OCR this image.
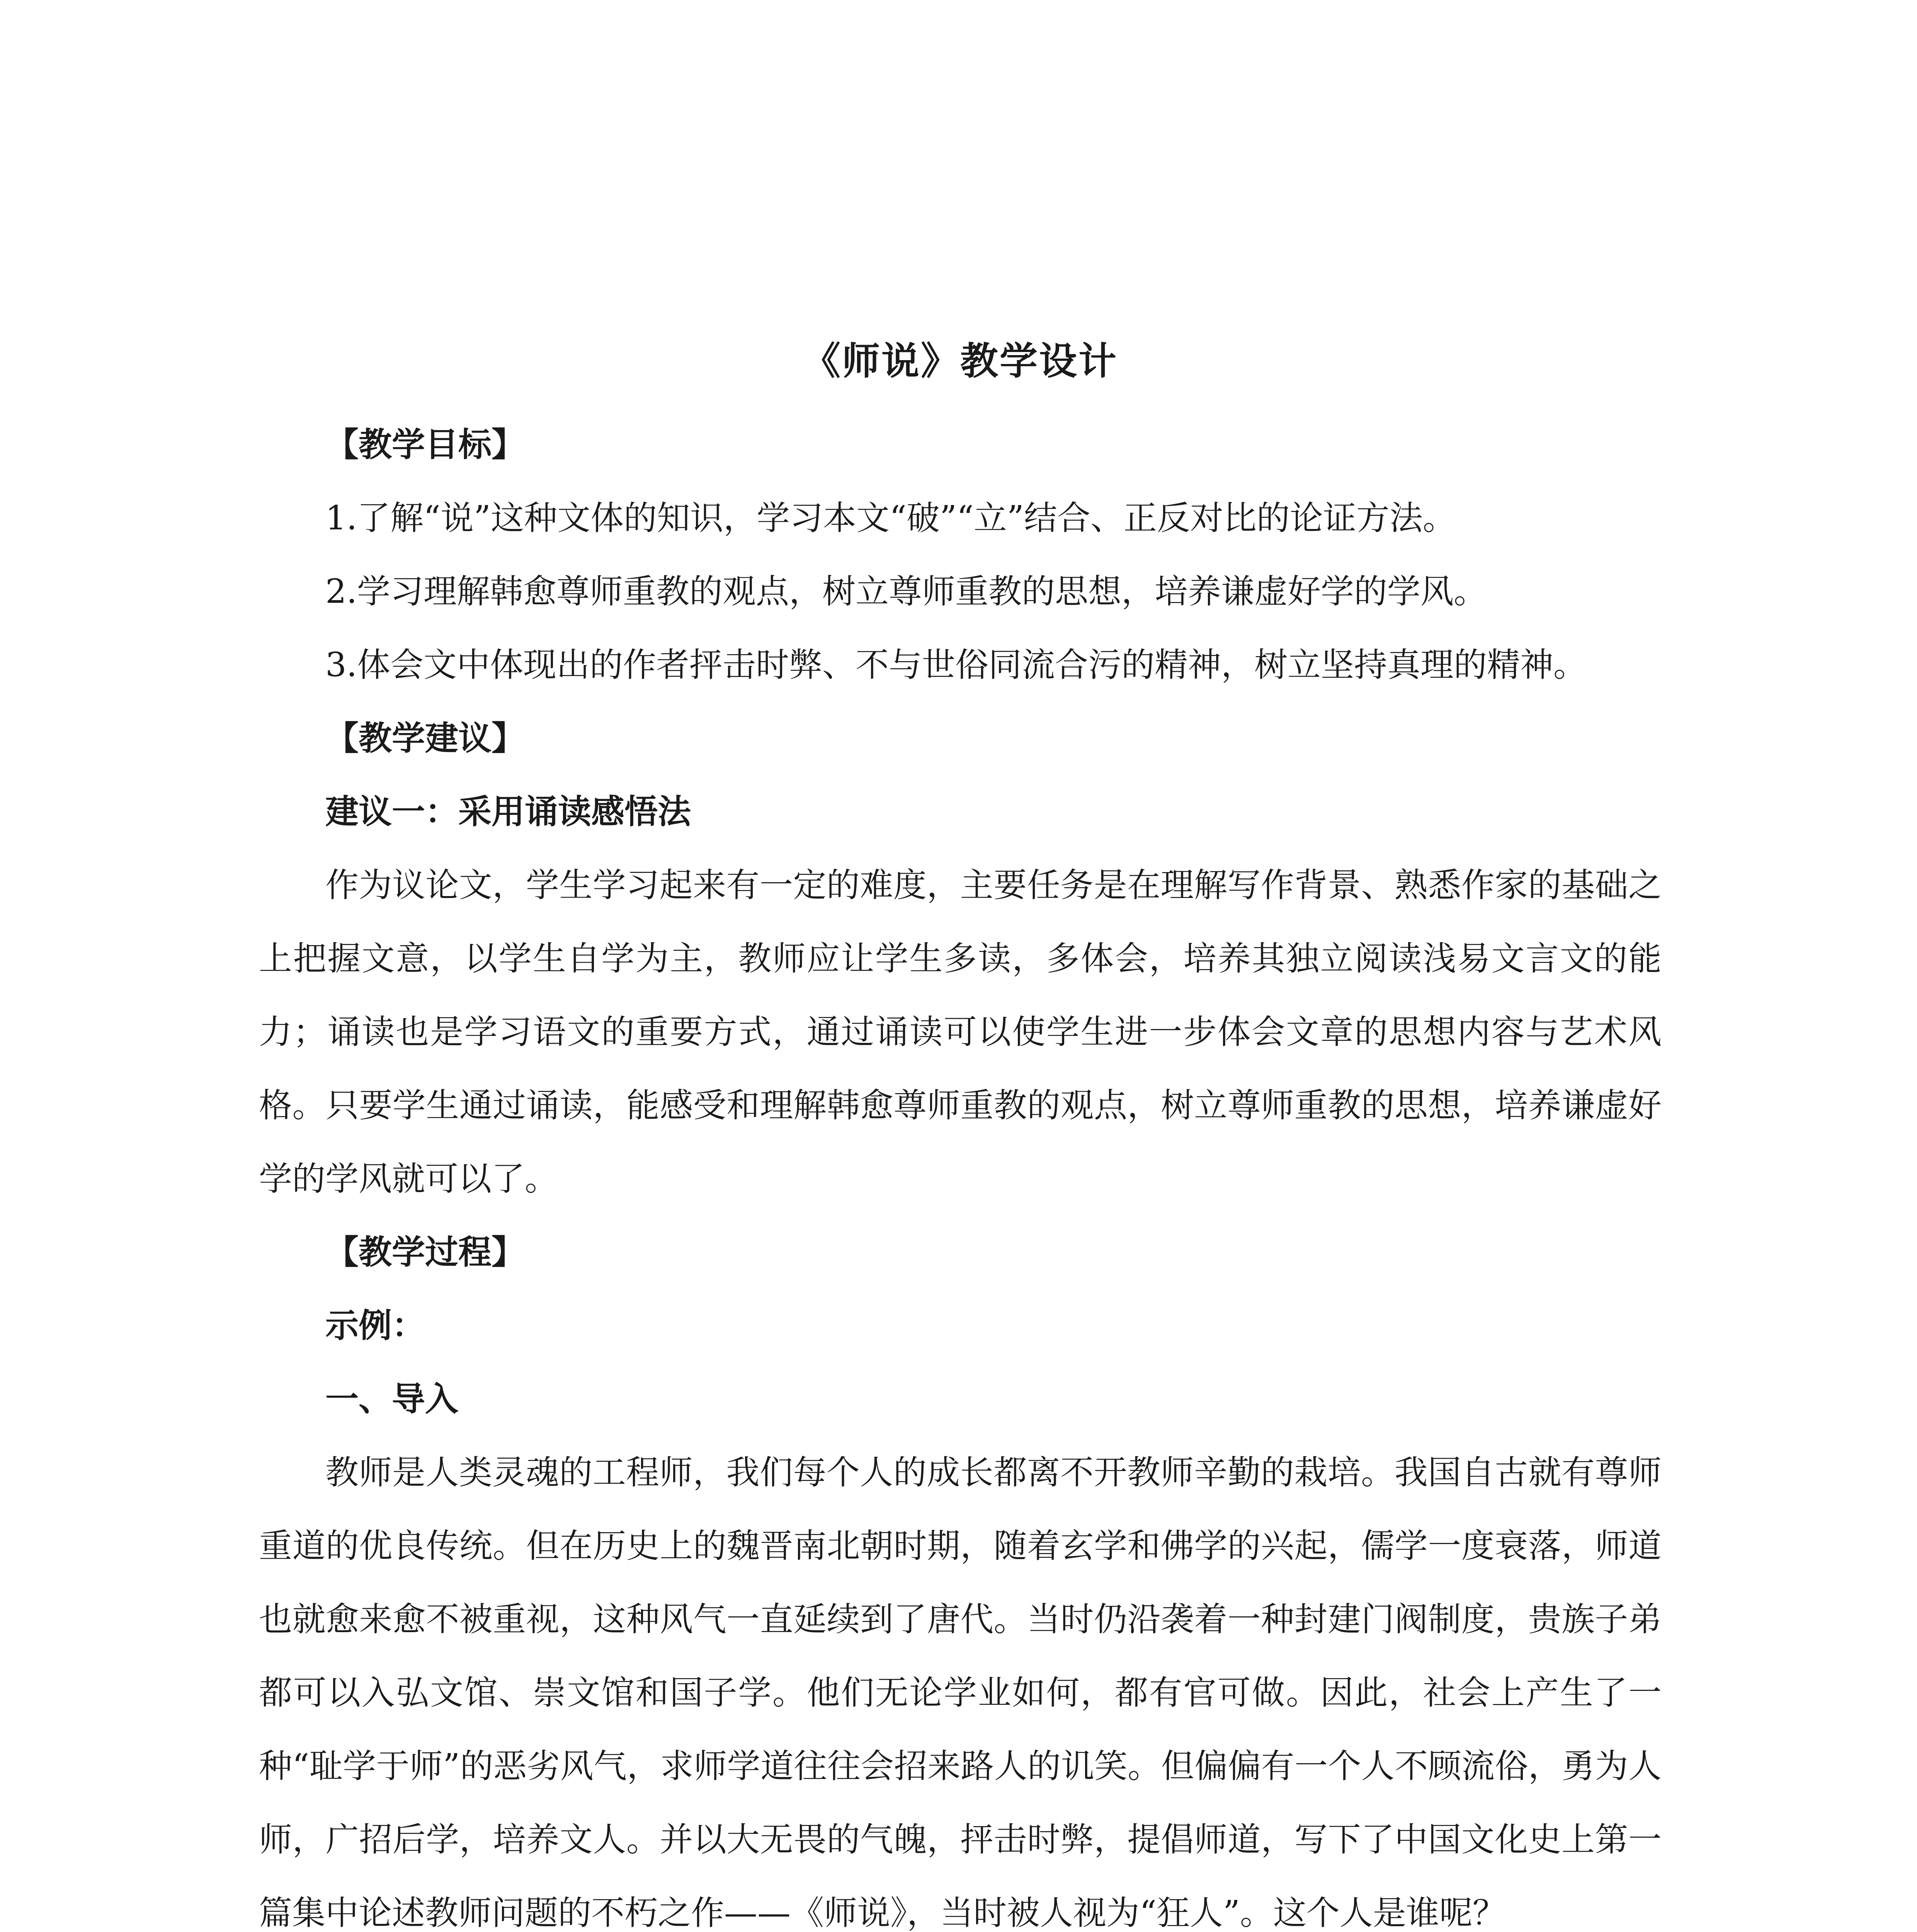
《师说》教学设计

【教学目标】

1.了解“说”这种文体的知识，学习本文“破”“立”结合、正反对比的论证方法。

2.学习理解韩愈尊师重教的观点，树立尊师重教的思想，培养谦虚好学的学风。

3.体会文中体现出的作者抨击时弊、不与世俗同流合污的精神，树立坚持真理的精神。

【教学建议】

建议一：采用诵读感悟法

作为议论文，学生学习起来有一定的难度，主要任务是在理解写作背景、熟悉作家的基础之上把握文意，以学生自学为主，教师应让学生多读，多体会，培养其独立阅读浅易文言文的能力；诵读也是学习语文的重要方式，通过诵读可以使学生进一步体会文章的思想内容与艺术风格。只要学生通过诵读，能感受和理解韩愈尊师重教的观点，树立尊师重教的思想，培养谦虚好学的学风就可以了。

【教学过程】

示例：

一、导入

教师是人类灵魂的工程师，我们每个人的成长都离不开教师辛勤的栽培。我国自古就有尊师重道的优良传统。但在历史上的魏晋南北朝时期，随着玄学和佛学的兴起，儒学一度衰落，师道也就愈来愈不被重视，这种风气一直延续到了唐代。当时仍沿袭着一种封建门阀制度，贵族子弟都可以入弘文馆、崇文馆和国子学。他们无论学业如何，都有官可做。因此，社会上产生了一种“耻学于师”的恶劣风气，求师学道往往会招来路人的讥笑。但偏偏有一个人不顾流俗，勇为人师，广招后学，培养文人。并以大无畏的气魄，抨击时弊，提倡师道，写下了中国文化史上第一篇集中论述教师问题的不朽之作——《师说》，当时被人视为“狂人”。这个人是谁呢？
